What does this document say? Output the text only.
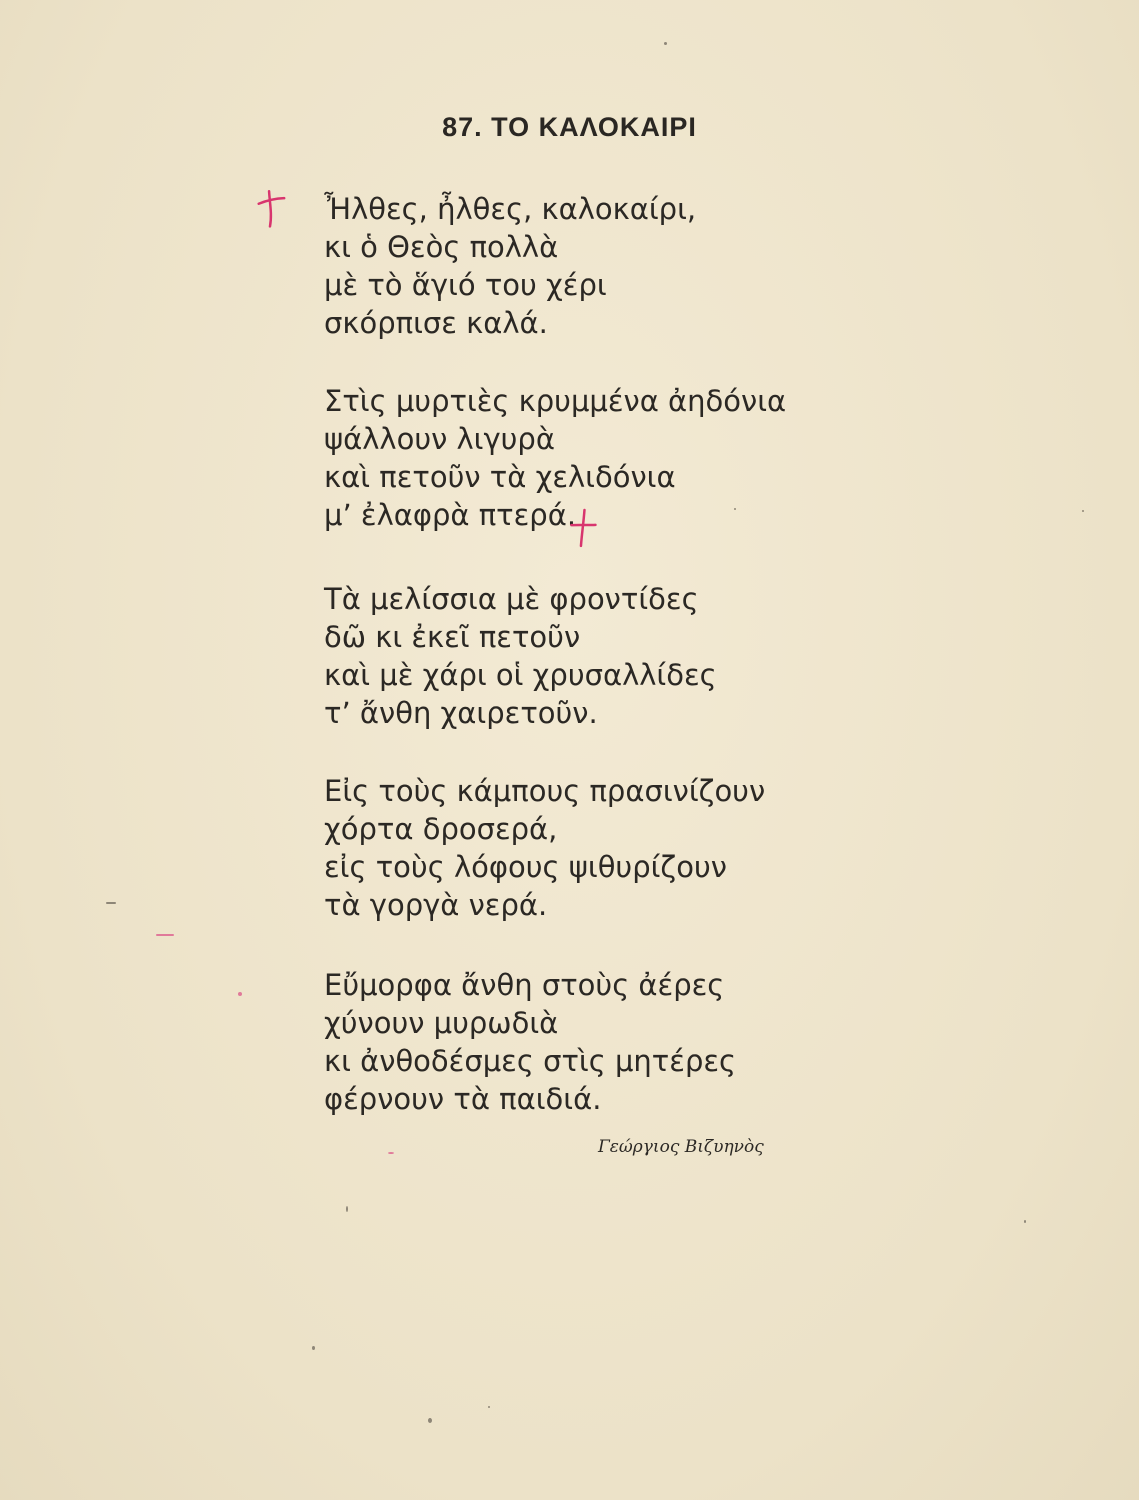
87. ΤΟ ΚΑΛΟΚΑΙΡΙ
Ἦλθες, ἦλθες, καλοκαίρι,
κι ὁ Θεὸς πολλὰ
μὲ τὸ ἅγιό του χέρι
σκόρπισε καλά.
Στὶς μυρτιὲς κρυμμένα ἀηδόνια
ψάλλουν λιγυρὰ
καὶ πετοῦν τὰ χελιδόνια
μ’ ἐλαφρὰ πτερά.
Τὰ μελίσσια μὲ φροντίδες
δῶ κι ἐκεῖ πετοῦν
καὶ μὲ χάρι οἱ χρυσαλλίδες
τ’ ἄνθη χαιρετοῦν.
Εἰς τοὺς κάμπους πρασινίζουν
χόρτα δροσερά,
εἰς τοὺς λόφους ψιθυρίζουν
τὰ γοργὰ νερά.
Εὔμορφα ἄνθη στοὺς ἀέρες
χύνουν μυρωδιὰ
κι ἀνθοδέσμες στὶς μητέρες
φέρνουν τὰ παιδιά.
Γεώργιος Βιζυηνὸς
